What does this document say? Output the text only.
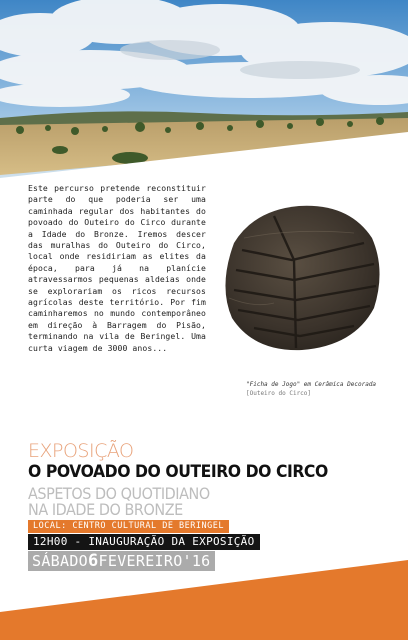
Este percurso pretende reconstituir parte do que poderia ser uma caminhada regular dos habitantes do povoado do Outeiro do Circo durante a Idade do Bronze. Iremos descer das muralhas do Outeiro do Circo, local onde residiriam as elites da época, para já na planície atravessarmos pequenas aldeias onde se explorariam os ricos recursos agrícolas deste território. Por fim caminharemos no mundo contemporâneo em direção à Barragem do Pisão, terminando na vila de Beringel. Uma curta viagem de 3000 anos...
"Ficha de Jogo" em Cerâmica Decorada
[Outeiro do Circo]
EXPOSIÇÃO
O POVOADO DO OUTEIRO DO CIRCO
ASPETOS DO QUOTIDIANO
NA IDADE DO BRONZE
LOCAL: CENTRO CULTURAL DE BERINGEL
12H00 - INAUGURAÇÃO DA EXPOSIÇÃO
SÁBADO6FEVEREIRO'16
